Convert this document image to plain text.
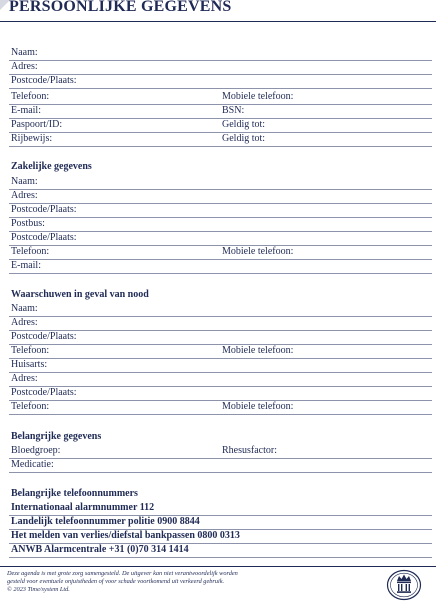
PERSOONLIJKE GEGEVENS
Naam:
Adres:
Postcode/Plaats:
Telefoon:	Mobiele telefoon:
E-mail:	BSN:
Paspoort/ID:	Geldig tot:
Rijbewijs:	Geldig tot:
Zakelijke gegevens
Naam:
Adres:
Postcode/Plaats:
Postbus:
Postcode/Plaats:
Telefoon:	Mobiele telefoon:
E-mail:
Waarschuwen in geval van nood
Naam:
Adres:
Postcode/Plaats:
Telefoon:	Mobiele telefoon:
Huisarts:
Adres:
Postcode/Plaats:
Telefoon:	Mobiele telefoon:
Belangrijke gegevens
Bloedgroep:	Rhesusfactor:
Medicatie:
Belangrijke telefoonnummers
Internationaal alarmnummer 112
Landelijk telefoonnummer politie 0900 8844
Het melden van verlies/diefstal bankpassen 0800 0313
ANWB Alarmcentrale +31 (0)70 314 1414
Deze agenda is met grote zorg samengesteld. De uitgever kan niet verantwoordelijk worden
gesteld voor eventuele onjuistheden of voor schade voortkomend uit verkeerd gebruik.
© 2023 Time/system Ltd.
